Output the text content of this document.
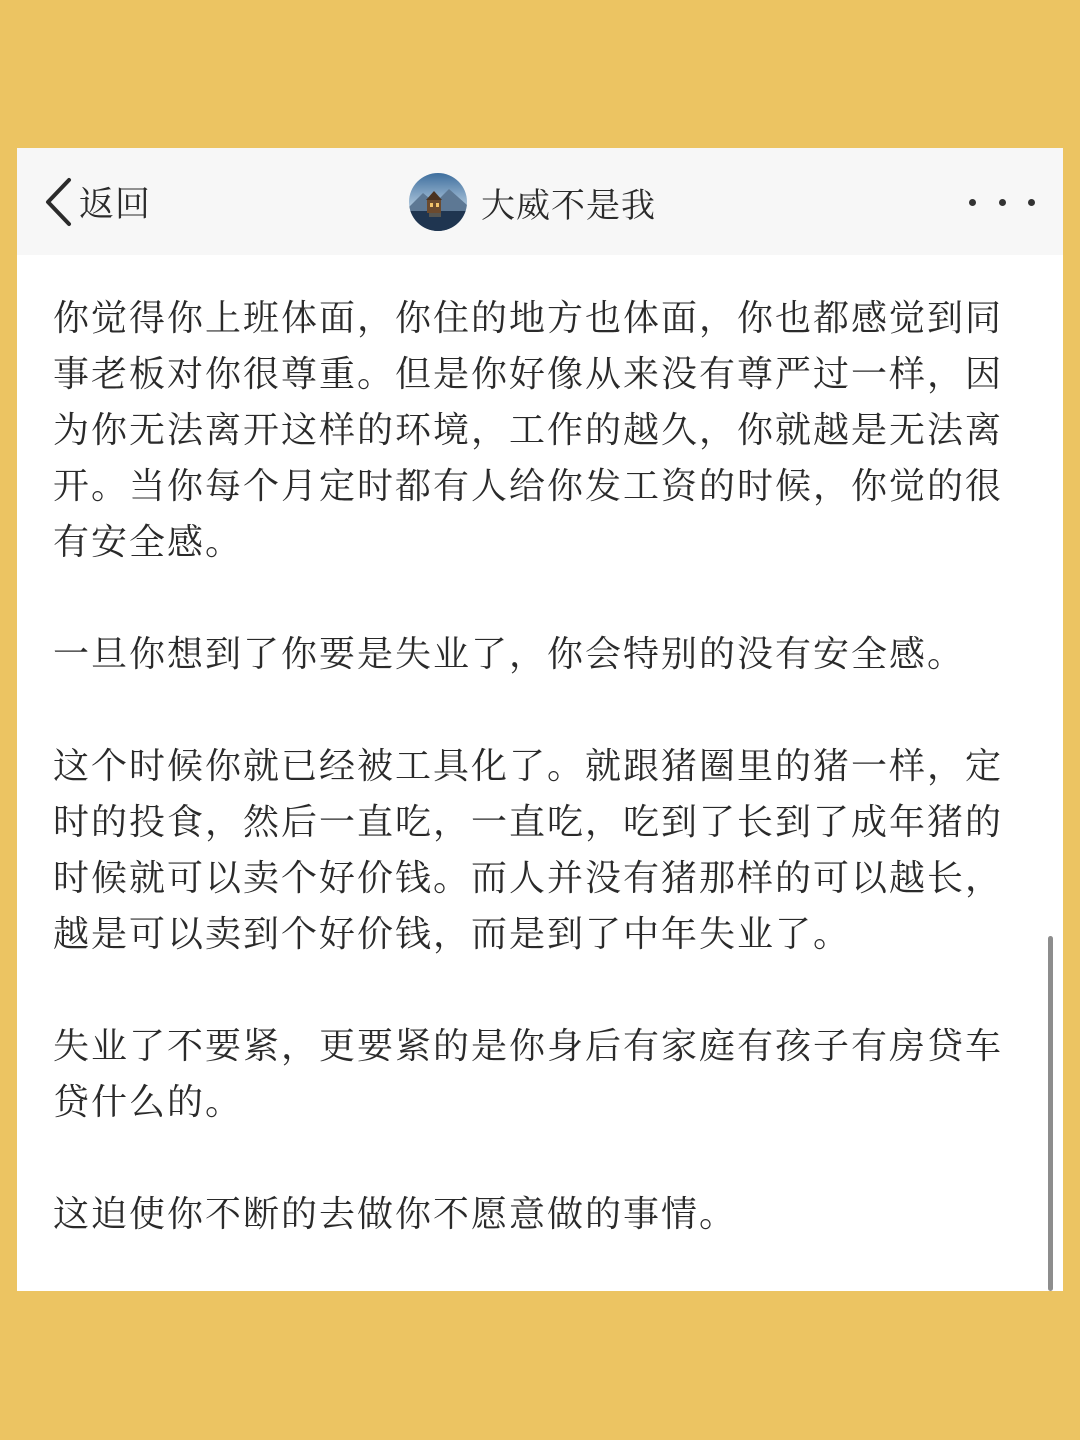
返回	大威不是我

你觉得你上班体面，你住的地方也体面，你也都感觉到同事老板对你很尊重。但是你好像从来没有尊严过一样，因为你无法离开这样的环境，工作的越久，你就越是无法离开。当你每个月定时都有人给你发工资的时候，你觉的很有安全感。

一旦你想到了你要是失业了，你会特别的没有安全感。

这个时候你就已经被工具化了。就跟猪圈里的猪一样，定时的投食，然后一直吃，一直吃，吃到了长到了成年猪的时候就可以卖个好价钱。而人并没有猪那样的可以越长，越是可以卖到个好价钱，而是到了中年失业了。

失业了不要紧，更要紧的是你身后有家庭有孩子有房贷车贷什么的。

这迫使你不断的去做你不愿意做的事情。
